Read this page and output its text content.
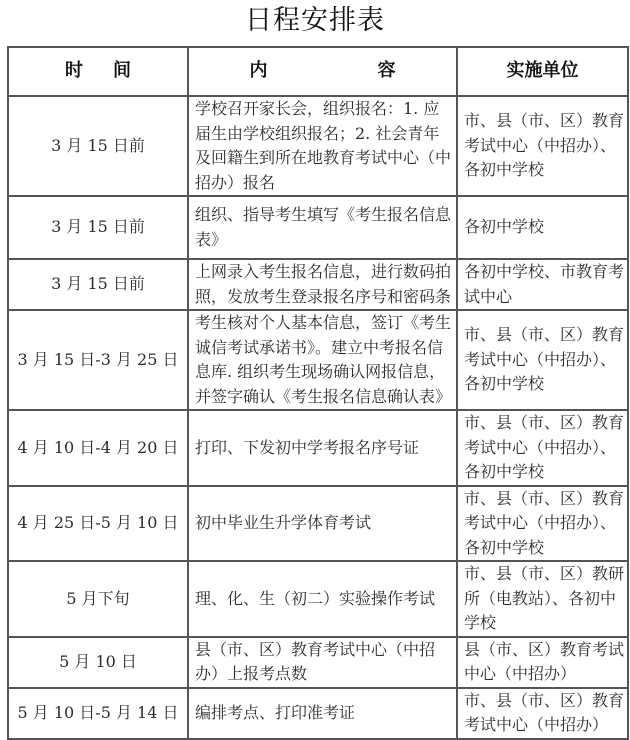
日程安排表
时 间	内 容	实施单位
3 月 15 日前	学校召开家长会，组织报名：1. 应届生由学校组织报名；2. 社会青年及回籍生到所在地教育考试中心（中招办）报名	市、县（市、区）教育考试中心（中招办）、各初中学校
3 月 15 日前	组织、指导考生填写《考生报名信息表》	各初中学校
3 月 15 日前	上网录入考生报名信息，进行数码拍照，发放考生登录报名序号和密码条	各初中学校、市教育考试中心
3 月 15 日-3 月 25 日	考生核对个人基本信息，签订《考生诚信考试承诺书》。建立中考报名信息库. 组织考生现场确认网报信息，并签字确认《考生报名信息确认表》	市、县（市、区）教育考试中心（中招办）、各初中学校
4 月 10 日-4 月 20 日	打印、下发初中学考报名序号证	市、县（市、区）教育考试中心（中招办）、各初中学校
4 月 25 日-5 月 10 日	初中毕业生升学体育考试	市、县（市、区）教育考试中心（中招办）、各初中学校
5 月下旬	理、化、生（初二）实验操作考试	市、县（市、区）教研所（电教站）、各初中学校
5 月 10 日	县（市、区）教育考试中心（中招办）上报考点数	县（市、区）教育考试中心（中招办）
5 月 10 日-5 月 14 日	编排考点、打印准考证	市、县（市、区）教育考试中心（中招办）
